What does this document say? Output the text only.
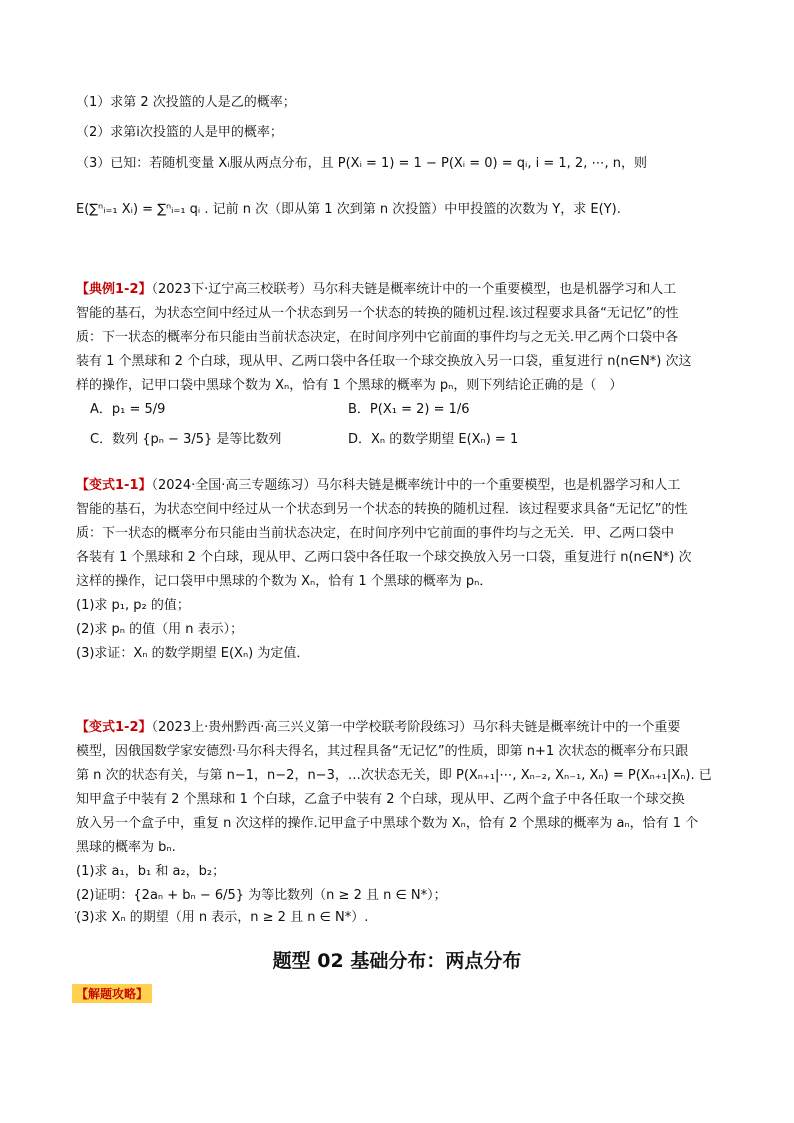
（1）求第 2 次投篮的人是乙的概率；
（2）求第i次投篮的人是甲的概率；
（3）已知：若随机变量 Xᵢ服从两点分布，且 P(Xᵢ = 1) = 1 − P(Xᵢ = 0) = qᵢ, i = 1, 2, ⋯, n，则
E(∑ⁿᵢ₌₁ Xᵢ) = ∑ⁿᵢ₌₁ qᵢ . 记前 n 次（即从第 1 次到第 n 次投篮）中甲投篮的次数为 Y，求 E(Y).
【典例1-2】（2023下·辽宁高三校联考）马尔科夫链是概率统计中的一个重要模型，也是机器学习和人工
智能的基石，为状态空间中经过从一个状态到另一个状态的转换的随机过程.该过程要求具备“无记忆”的性
质：下一状态的概率分布只能由当前状态决定，在时间序列中它前面的事件均与之无关.甲乙两个口袋中各
装有 1 个黑球和 2 个白球，现从甲、乙两口袋中各任取一个球交换放入另一口袋，重复进行 n(n∈N*) 次这
样的操作，记甲口袋中黑球个数为 Xₙ，恰有 1 个黑球的概率为 pₙ，则下列结论正确的是（　）
A．p₁ = 5/9	B．P(X₁ = 2) = 1/6
C．数列 {pₙ − 3/5} 是等比数列	D．Xₙ 的数学期望 E(Xₙ) = 1
【变式1-1】（2024·全国·高三专题练习）马尔科夫链是概率统计中的一个重要模型，也是机器学习和人工
智能的基石，为状态空间中经过从一个状态到另一个状态的转换的随机过程．该过程要求具备“无记忆”的性
质：下一状态的概率分布只能由当前状态决定，在时间序列中它前面的事件均与之无关．甲、乙两口袋中
各装有 1 个黑球和 2 个白球，现从甲、乙两口袋中各任取一个球交换放入另一口袋，重复进行 n(n∈N*) 次
这样的操作，记口袋甲中黑球的个数为 Xₙ，恰有 1 个黑球的概率为 pₙ．
(1)求 p₁, p₂ 的值；
(2)求 pₙ 的值（用 n 表示）；
(3)求证：Xₙ 的数学期望 E(Xₙ) 为定值．
【变式1-2】（2023上·贵州黔西·高三兴义第一中学校联考阶段练习）马尔科夫链是概率统计中的一个重要
模型，因俄国数学家安德烈·马尔科夫得名，其过程具备“无记忆”的性质，即第 n+1 次状态的概率分布只跟
第 n 次的状态有关，与第 n−1，n−2，n−3，…次状态无关，即 P(Xₙ₊₁|⋯, Xₙ₋₂, Xₙ₋₁, Xₙ) = P(Xₙ₊₁|Xₙ). 已
知甲盒子中装有 2 个黑球和 1 个白球，乙盒子中装有 2 个白球，现从甲、乙两个盒子中各任取一个球交换
放入另一个盒子中，重复 n 次这样的操作.记甲盒子中黑球个数为 Xₙ，恰有 2 个黑球的概率为 aₙ，恰有 1 个
黑球的概率为 bₙ.
(1)求 a₁，b₁ 和 a₂，b₂；
(2)证明：{2aₙ + bₙ − 6/5} 为等比数列（n ≥ 2 且 n ∈ N*）；
(3)求 Xₙ 的期望（用 n 表示，n ≥ 2 且 n ∈ N*）.
.
题型 02 基础分布：两点分布
【解题攻略】
